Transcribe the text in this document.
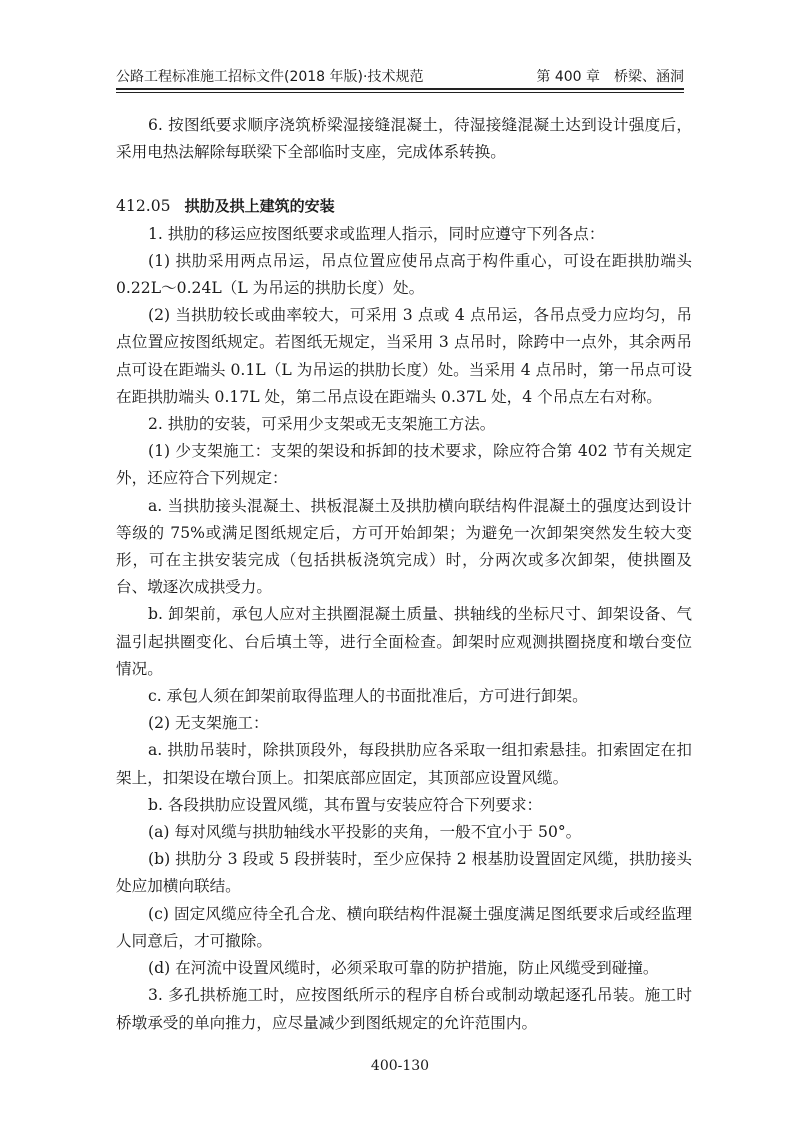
公路工程标准施工招标文件(2018 年版)·技术规范	第 400 章　桥梁、涵洞

6. 按图纸要求顺序浇筑桥梁湿接缝混凝土，待湿接缝混凝土达到设计强度后，采用电热法解除每联梁下全部临时支座，完成体系转换。

412.05 拱肋及拱上建筑的安装

1. 拱肋的移运应按图纸要求或监理人指示，同时应遵守下列各点：

(1) 拱肋采用两点吊运，吊点位置应使吊点高于构件重心，可设在距拱肋端头0.22L～0.24L（L 为吊运的拱肋长度）处。

(2) 当拱肋较长或曲率较大，可采用 3 点或 4 点吊运，各吊点受力应均匀，吊点位置应按图纸规定。若图纸无规定，当采用 3 点吊时，除跨中一点外，其余两吊点可设在距端头 0.1L（L 为吊运的拱肋长度）处。当采用 4 点吊时，第一吊点可设在距拱肋端头 0.17L 处，第二吊点设在距端头 0.37L 处，4 个吊点左右对称。

2. 拱肋的安装，可采用少支架或无支架施工方法。

(1) 少支架施工：支架的架设和拆卸的技术要求，除应符合第 402 节有关规定外，还应符合下列规定：

a. 当拱肋接头混凝土、拱板混凝土及拱肋横向联结构件混凝土的强度达到设计等级的 75%或满足图纸规定后，方可开始卸架；为避免一次卸架突然发生较大变形，可在主拱安装完成（包括拱板浇筑完成）时，分两次或多次卸架，使拱圈及台、墩逐次成拱受力。

b. 卸架前，承包人应对主拱圈混凝土质量、拱轴线的坐标尺寸、卸架设备、气温引起拱圈变化、台后填土等，进行全面检查。卸架时应观测拱圈挠度和墩台变位情况。

c. 承包人须在卸架前取得监理人的书面批准后，方可进行卸架。

(2) 无支架施工：

a. 拱肋吊装时，除拱顶段外，每段拱肋应各采取一组扣索悬挂。扣索固定在扣架上，扣架设在墩台顶上。扣架底部应固定，其顶部应设置风缆。

b. 各段拱肋应设置风缆，其布置与安装应符合下列要求：

(a) 每对风缆与拱肋轴线水平投影的夹角，一般不宜小于 50°。

(b) 拱肋分 3 段或 5 段拼装时，至少应保持 2 根基肋设置固定风缆，拱肋接头处应加横向联结。

(c) 固定风缆应待全孔合龙、横向联结构件混凝土强度满足图纸要求后或经监理人同意后，才可撤除。

(d) 在河流中设置风缆时，必须采取可靠的防护措施，防止风缆受到碰撞。

3. 多孔拱桥施工时，应按图纸所示的程序自桥台或制动墩起逐孔吊装。施工时桥墩承受的单向推力，应尽量减少到图纸规定的允许范围内。

400-130
